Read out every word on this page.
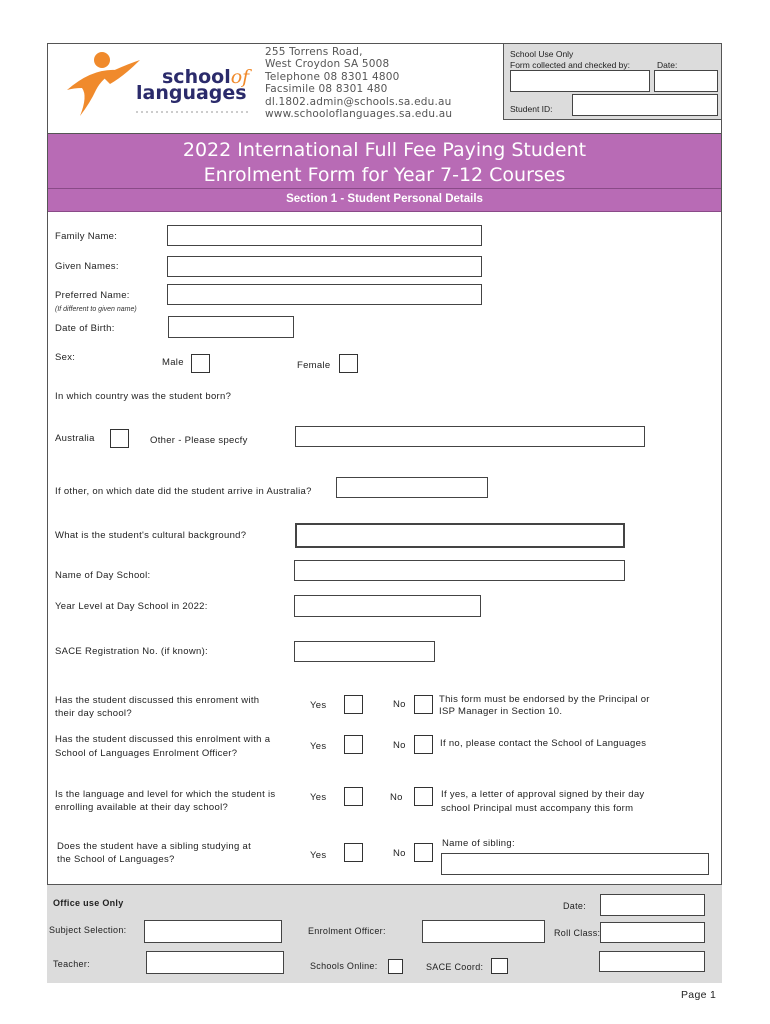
schoolof
languages
255 Torrens Road,
West Croydon SA 5008
Telephone 08 8301 4800
Facsimile 08 8301 480
dl.1802.admin@schools.sa.edu.au
www.schooloflanguages.sa.edu.au
School Use Only
Form collected and checked by:	Date:
Student ID:
2022 International Full Fee Paying Student
Enrolment Form for Year 7-12 Courses
Section 1 - Student Personal Details
Family Name:
Given Names:
Preferred Name:
(If different to given name)
Date of Birth:
Sex:	Male	Female
In which country was the student born?
Australia	Other - Please specfy
If other, on which date did the student arrive in Australia?
What is the student's cultural background?
Name of Day School:
Year Level at Day School in 2022:
SACE Registration No. (if known):
Has the student discussed this enroment with
their day school?
Yes	No	This form must be endorsed by the Principal or
ISP Manager in Section 10.
Has the student discussed this enrolment with a
School of Languages Enrolment Officer?
Yes	No	If no, please contact the School of Languages
Is the language and level for which the student is
enrolling available at their day school?
Yes	No	If yes, a letter of approval signed by their day
school Principal must accompany this form
Does the student have a sibling studying at
the School of Languages?	Yes	No
Name of sibling:
Office use Only	Date:
Subject Selection:	Enrolment Officer:	Roll Class:
Teacher:	Schools Online:	SACE Coord:
Page 1
